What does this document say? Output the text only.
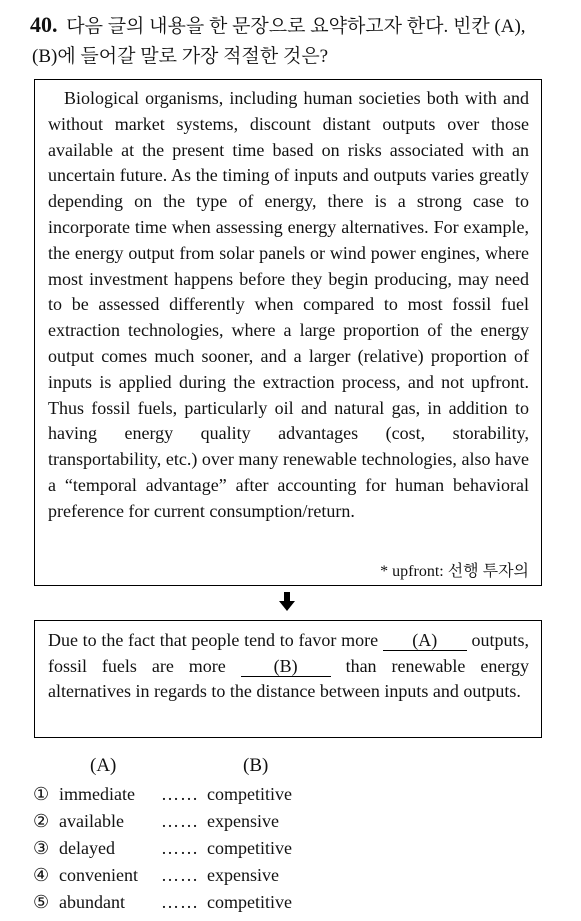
40. 다음 글의 내용을 한 문장으로 요약하고자 한다. 빈칸 (A),
(B)에 들어갈 말로 가장 적절한 것은?
Biological organisms, including human societies both with and without market systems, discount distant outputs over those available at the present time based on risks associated with an uncertain future. As the timing of inputs and outputs varies greatly depending on the type of energy, there is a strong case to incorporate time when assessing energy alternatives. For example, the energy output from solar panels or wind power engines, where most investment happens before they begin producing, may need to be assessed differently when compared to most fossil fuel extraction technologies, where a large proportion of the energy output comes much sooner, and a larger (relative) proportion of inputs is applied during the extraction process, and not upfront. Thus fossil fuels, particularly oil and natural gas, in addition to having energy quality advantages (cost, storability, transportability, etc.) over many renewable technologies, also have a “temporal advantage” after accounting for human behavioral preference for current consumption/return.
* upfront: 선행 투자의
Due to the fact that people tend to favor more (A) outputs, fossil fuels are more (B) than renewable energy alternatives in regards to the distance between inputs and outputs.
(A)	(B)
① immediate …… competitive
② available …… expensive
③ delayed	…… competitive
④ convenient …… expensive
⑤ abundant …… competitive
